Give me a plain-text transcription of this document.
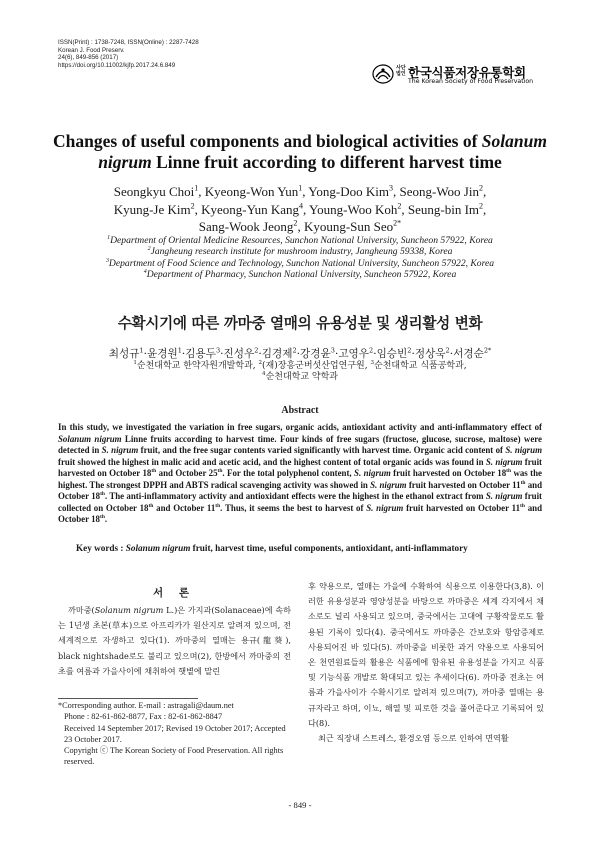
ISSN(Print) : 1738-7248, ISSN(Online) : 2287-7428
Korean J. Food Preserv.
24(6), 849-856 (2017)
https://doi.org/10.11002/kjfp.2017.24.6.849	사단법인 한국식품저장유통학회
The Korean Society of Food Preservation
Changes of useful components and biological activities of Solanum nigrum Linne fruit according to different harvest time
Seongkyu Choi$^1$, Kyeong-Won Yun$^1$, Yong-Doo Kim$^3$, Seong-Woo Jin$^2$,
Kyung-Je Kim$^2$, Kyeong-Yun Kang$^4$, Young-Woo Koh$^2$, Seung-bin Im$^2$,
Sang-Wook Jeong$^2$, Kyoung-Sun Seo$^{2*}$
$^1$Department of Oriental Medicine Resources, Sunchon National University, Suncheon 57922, Korea
$^2$Jangheung research institute for mushroom industry, Jangheung 59338, Korea
$^3$Department of Food Science and Technology, Sunchon National University, Suncheon 57922, Korea
$^4$Department of Pharmacy, Sunchon National University, Suncheon 57922, Korea
수확시기에 따른 까마중 열매의 유용성분 및 생리활성 변화
최성규$^1$·윤경원$^1$·김용두$^3$·진성우$^2$·김경제$^2$·강경윤$^3$·고영우$^2$·임승빈$^2$·정상욱$^2$·서경순$^{2*}$
$^1$순천대학교 한약자원개발학과, $^2$(재)장흥군버섯산업연구원, $^3$순천대학교 식품공학과,
$^4$순천대학교 약학과
Abstract
In this study, we investigated the variation in free sugars, organic acids, antioxidant activity and anti-inflammatory effect of Solanum nigrum Linne fruits according to harvest time. Four kinds of free sugars (fructose, glucose, sucrose, maltose) were detected in S. nigrum fruit, and the free sugar contents varied significantly with harvest time. Organic acid content of S. nigrum fruit showed the highest in malic acid and acetic acid, and the highest content of total organic acids was found in S. nigrum fruit harvested on October 18th and October 25th. For the total polyphenol content, S. nigrum fruit harvested on October 18th was the highest. The strongest DPPH and ABTS radical scavenging activity was showed in S. nigrum fruit harvested on October 11th and October 18th. The anti-inflammatory activity and antioxidant effects were the highest in the ethanol extract from S. nigrum fruit collected on October 18th and October 11th. Thus, it seems the best to harvest of S. nigrum fruit harvested on October 11th and October 18th.
Key words : Solanum nigrum fruit, harvest time, useful components, antioxidant, anti-inflammatory
서 론

까마중(Solanum nigrum L.)은 가지과(Solanaceae)에 속하는 1년생 초본(草本)으로 아프리카가 원산지로 알려져 있으며, 전 세계적으로 자생하고 있다(1). 까마중의 열매는 용규(龍葵), black nightshade로도 불리고 있으며(2), 한방에서 까마중의 전초를 여름과 가을사이에 채취하여 햇볕에 말린

*Corresponding author. E-mail : astragali@daum.net
Phone : 82-61-862-8877, Fax : 82-61-862-8847
Received 14 September 2017; Revised 19 October 2017; Accepted 23 October 2017.
Copyright ⓒ The Korean Society of Food Preservation. All rights reserved.

후 약용으로, 열매는 가을에 수확하여 식용으로 이용한다(3,8). 이러한 유용성분과 영양성분을 바탕으로 까마중은 세계 각지에서 채소로도 널리 사용되고 있으며, 중국에서는 고대에 구황작물로도 활용된 기록이 있다(4). 중국에서도 까마중은 간보호와 항암증제로 사용되어진 바 있다(5). 까마중을 비롯한 과거 약용으로 사용되어 온 천연원료들의 활용은 식품에에 함유된 유용성분을 가지고 식품 및 기능식품 개발로 확대되고 있는 추세이다(6). 까마중 전초는 여름과 가을사이가 수확시기로 알려져 있으며(7), 까마중 열매는 용규자라고 하며, 이뇨, 해열 및 피로한 것을 풀어준다고 기록되어 있다(8).

최근 직장내 스트레스, 환경오염 등으로 인하여 면역활

- 849 -
